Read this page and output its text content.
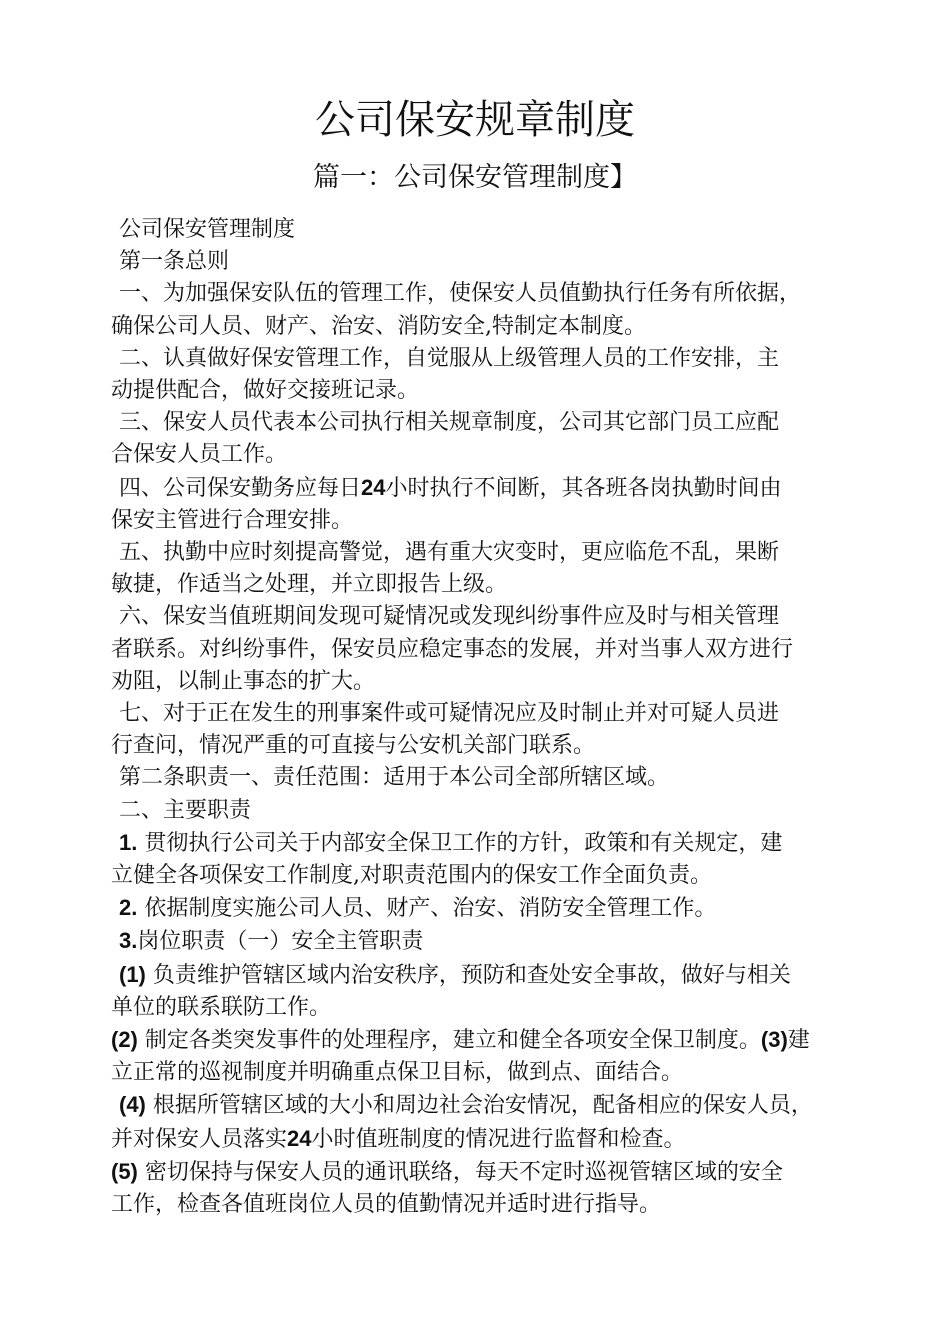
公司保安规章制度
篇一：公司保安管理制度】

公司保安管理制度

第一条总则

一、为加强保安队伍的管理工作，使保安人员值勤执行任务有所依据，

确保公司人员、财产、治安、消防安全,特制定本制度。

二、认真做好保安管理工作，自觉服从上级管理人员的工作安排，主

动提供配合，做好交接班记录。

三、保安人员代表本公司执行相关规章制度，公司其它部门员工应配

合保安人员工作。

四、公司保安勤务应每日24小时执行不间断，其各班各岗执勤时间由

保安主管进行合理安排。

五、执勤中应时刻提高警觉，遇有重大灾变时，更应临危不乱，果断

敏捷，作适当之处理，并立即报告上级。

六、保安当值班期间发现可疑情况或发现纠纷事件应及时与相关管理

者联系。对纠纷事件，保安员应稳定事态的发展，并对当事人双方进行

劝阻，以制止事态的扩大。

七、对于正在发生的刑事案件或可疑情况应及时制止并对可疑人员进

行查问，情况严重的可直接与公安机关部门联系。

第二条职责一、责任范围：适用于本公司全部所辖区域。

二、主要职责

1. 贯彻执行公司关于内部安全保卫工作的方针，政策和有关规定，建

立健全各项保安工作制度,对职责范围内的保安工作全面负责。

2. 依据制度实施公司人员、财产、治安、消防安全管理工作。

3.岗位职责（一）安全主管职责

(1) 负责维护管辖区域内治安秩序，预防和查处安全事故，做好与相关

单位的联系联防工作。

(2) 制定各类突发事件的处理程序，建立和健全各项安全保卫制度。(3)建

立正常的巡视制度并明确重点保卫目标，做到点、面结合。

(4) 根据所管辖区域的大小和周边社会治安情况，配备相应的保安人员，

并对保安人员落实24小时值班制度的情况进行监督和检查。

(5) 密切保持与保安人员的通讯联络，每天不定时巡视管辖区域的安全

工作，检查各值班岗位人员的值勤情况并适时进行指导。
